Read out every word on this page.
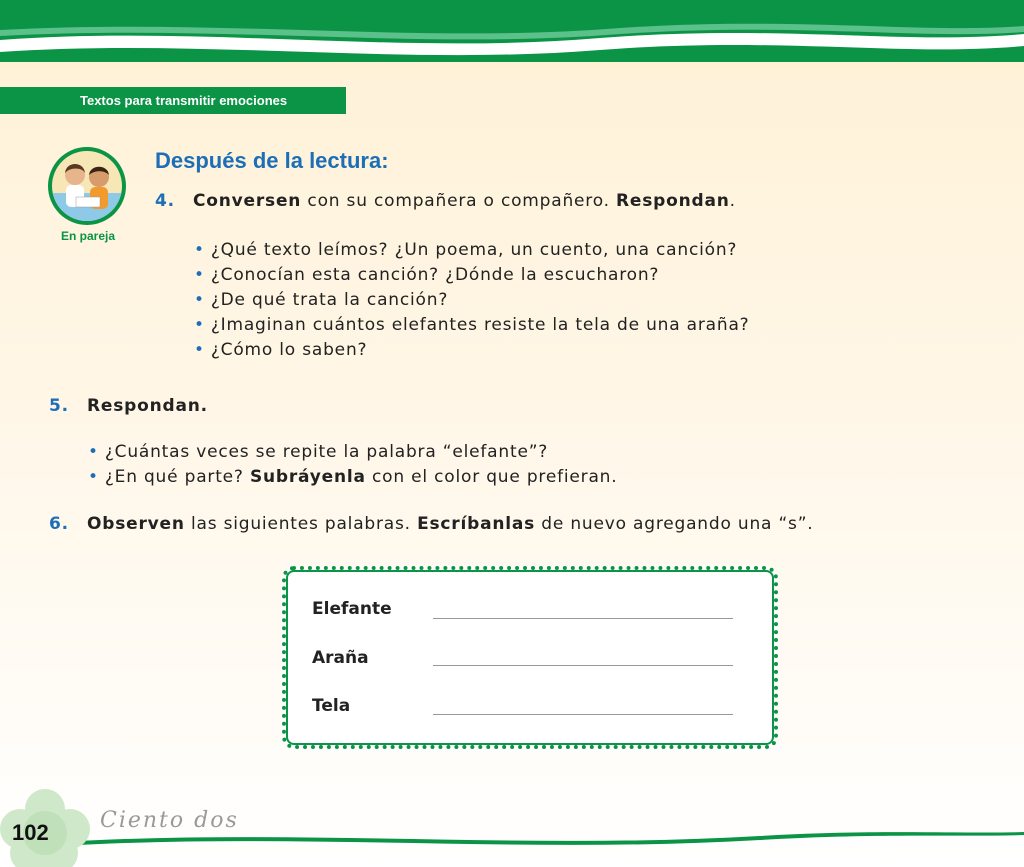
Textos para transmitir emociones
En pareja
Después de la lectura:
4. Conversen con su compañera o compañero. Respondan.
• ¿Qué texto leímos? ¿Un poema, un cuento, una canción?
• ¿Conocían esta canción? ¿Dónde la escucharon?
• ¿De qué trata la canción?
• ¿Imaginan cuántos elefantes resiste la tela de una araña?
• ¿Cómo lo saben?
5. Respondan.
• ¿Cuántas veces se repite la palabra “elefante”?
• ¿En qué parte? Subráyenla con el color que prefieran.
6. Observen las siguientes palabras. Escríbanlas de nuevo agregando una “s”.
Elefante
Araña
Tela
102 Ciento dos
